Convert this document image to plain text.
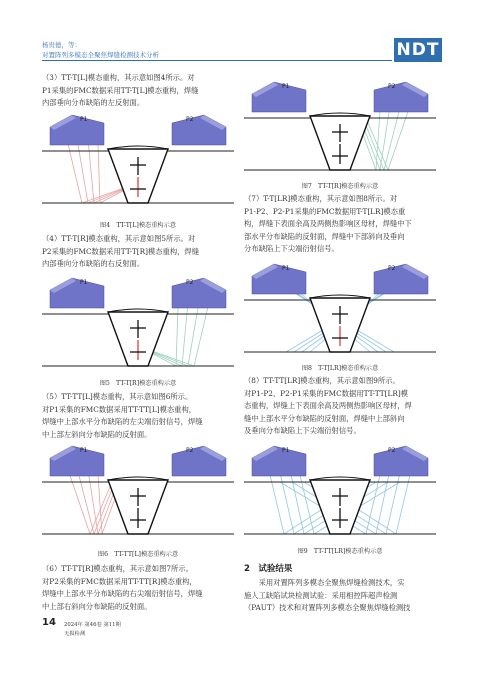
杨贵德，等：
对置阵列多模态全聚焦焊缝检测技术分析	NDT
（3）TT-T[L]模态重构，其示意如图4所示。对
P1采集的FMC数据采用TT-T[L]模态重构，焊缝
内部垂向分布缺陷的左反射面。
P1	P2
图4　TT-T[L]模态重构示意
（4）TT-T[R]模态重构，其示意如图5所示。对
P2采集的FMC数据采用TT-T[R]模态重构，焊缝
内部垂向分布缺陷的右反射面。
P1	P2
图5　TT-T[R]模态重构示意
（5）TT-TT[L]模态重构，其示意如图6所示。
对P1采集的FMC数据采用TT-TT[L]模态重构，
焊缝中上部水平分布缺陷的左尖端衍射信号，焊缝
中上部左斜向分布缺陷的反射面。
P1	P2
图6　TT-TT[L]模态重构示意
（6）TT-TT[R]模态重构，其示意如图7所示。
对P2采集的FMC数据采用TT-TT[R]模态重构，
焊缝中上部水平分布缺陷的右尖端衍射信号，焊缝
中上部右斜向分布缺陷的反射面。
P1	P2
图7　TT-T[R]模态重构示意
（7）T-T[LR]模态重构，其示意如图8所示。对
P1-P2、P2-P1采集的FMC数据用T-T[LR]模态重
构，焊缝下表面余高及两侧热影响区母材，焊缝中下
部水平分布缺陷的反射面，焊缝中下部斜向及垂向
分布缺陷上下尖端衍射信号。
P1	P2
图8　T-T[LR]模态重构示意
（8）TT-TT[LR]模态重构，其示意如图9所示。
对P1-P2、P2-P1采集的FMC数据用TT-TT[LR]模
态重构，焊缝上下表面余高及两侧热影响区母材，焊
缝中上部水平分布缺陷的反射面，焊缝中上部斜向
及垂向分布缺陷上下尖端衍射信号。
P1	P2
图9　TT-TT[LR]模态重构示意
2　试验结果
　　采用对置阵列多模态全聚焦焊缝检测技术，实
施人工缺陷试块检测试验：采用相控阵超声检测
（PAUT）技术和对置阵列多模态全聚焦焊缝检测技
14 2024年 第46卷 第11期
无损检测
